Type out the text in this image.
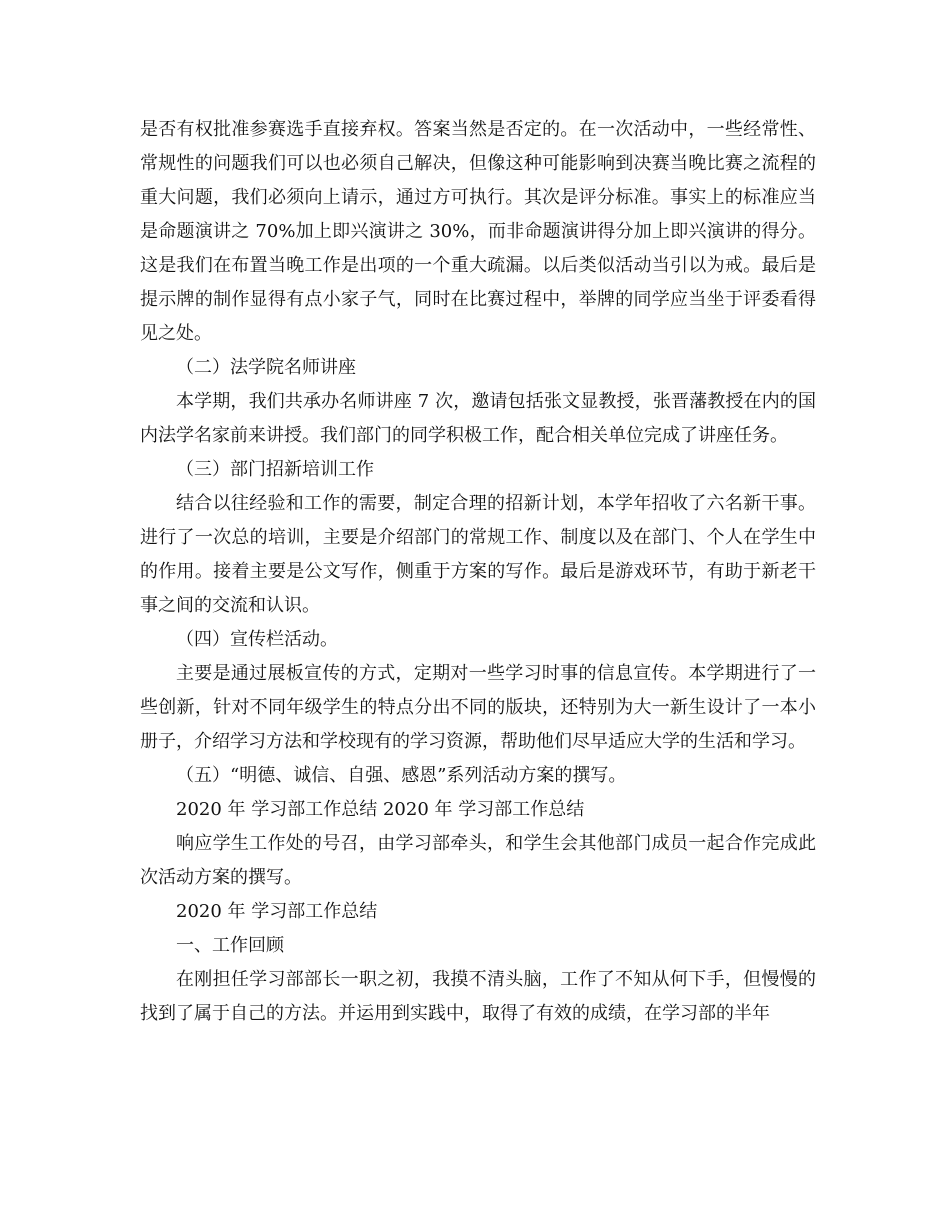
是否有权批准参赛选手直接弃权。答案当然是否定的。在一次活动中，一些经常性、常规性的问题我们可以也必须自己解决，但像这种可能影响到决赛当晚比赛之流程的重大问题，我们必须向上请示，通过方可执行。其次是评分标准。事实上的标准应当是命题演讲之 70%加上即兴演讲之 30%，而非命题演讲得分加上即兴演讲的得分。这是我们在布置当晚工作是出项的一个重大疏漏。以后类似活动当引以为戒。最后是提示牌的制作显得有点小家子气，同时在比赛过程中，举牌的同学应当坐于评委看得见之处。

（二）法学院名师讲座

本学期，我们共承办名师讲座 7 次，邀请包括张文显教授，张晋藩教授在内的国内法学名家前来讲授。我们部门的同学积极工作，配合相关单位完成了讲座任务。

（三）部门招新培训工作

结合以往经验和工作的需要，制定合理的招新计划，本学年招收了六名新干事。进行了一次总的培训，主要是介绍部门的常规工作、制度以及在部门、个人在学生中的作用。接着主要是公文写作，侧重于方案的写作。最后是游戏环节，有助于新老干事之间的交流和认识。

（四）宣传栏活动。

主要是通过展板宣传的方式，定期对一些学习时事的信息宣传。本学期进行了一些创新，针对不同年级学生的特点分出不同的版块，还特别为大一新生设计了一本小册子，介绍学习方法和学校现有的学习资源，帮助他们尽早适应大学的生活和学习。

（五）“明德、诚信、自强、感恩”系列活动方案的撰写。

2020 年 学习部工作总结 2020 年 学习部工作总结

响应学生工作处的号召，由学习部牵头，和学生会其他部门成员一起合作完成此次活动方案的撰写。

2020 年 学习部工作总结

一、工作回顾

在刚担任学习部部长一职之初，我摸不清头脑，工作了不知从何下手，但慢慢的找到了属于自己的方法。并运用到实践中，取得了有效的成绩，在学习部的半年
